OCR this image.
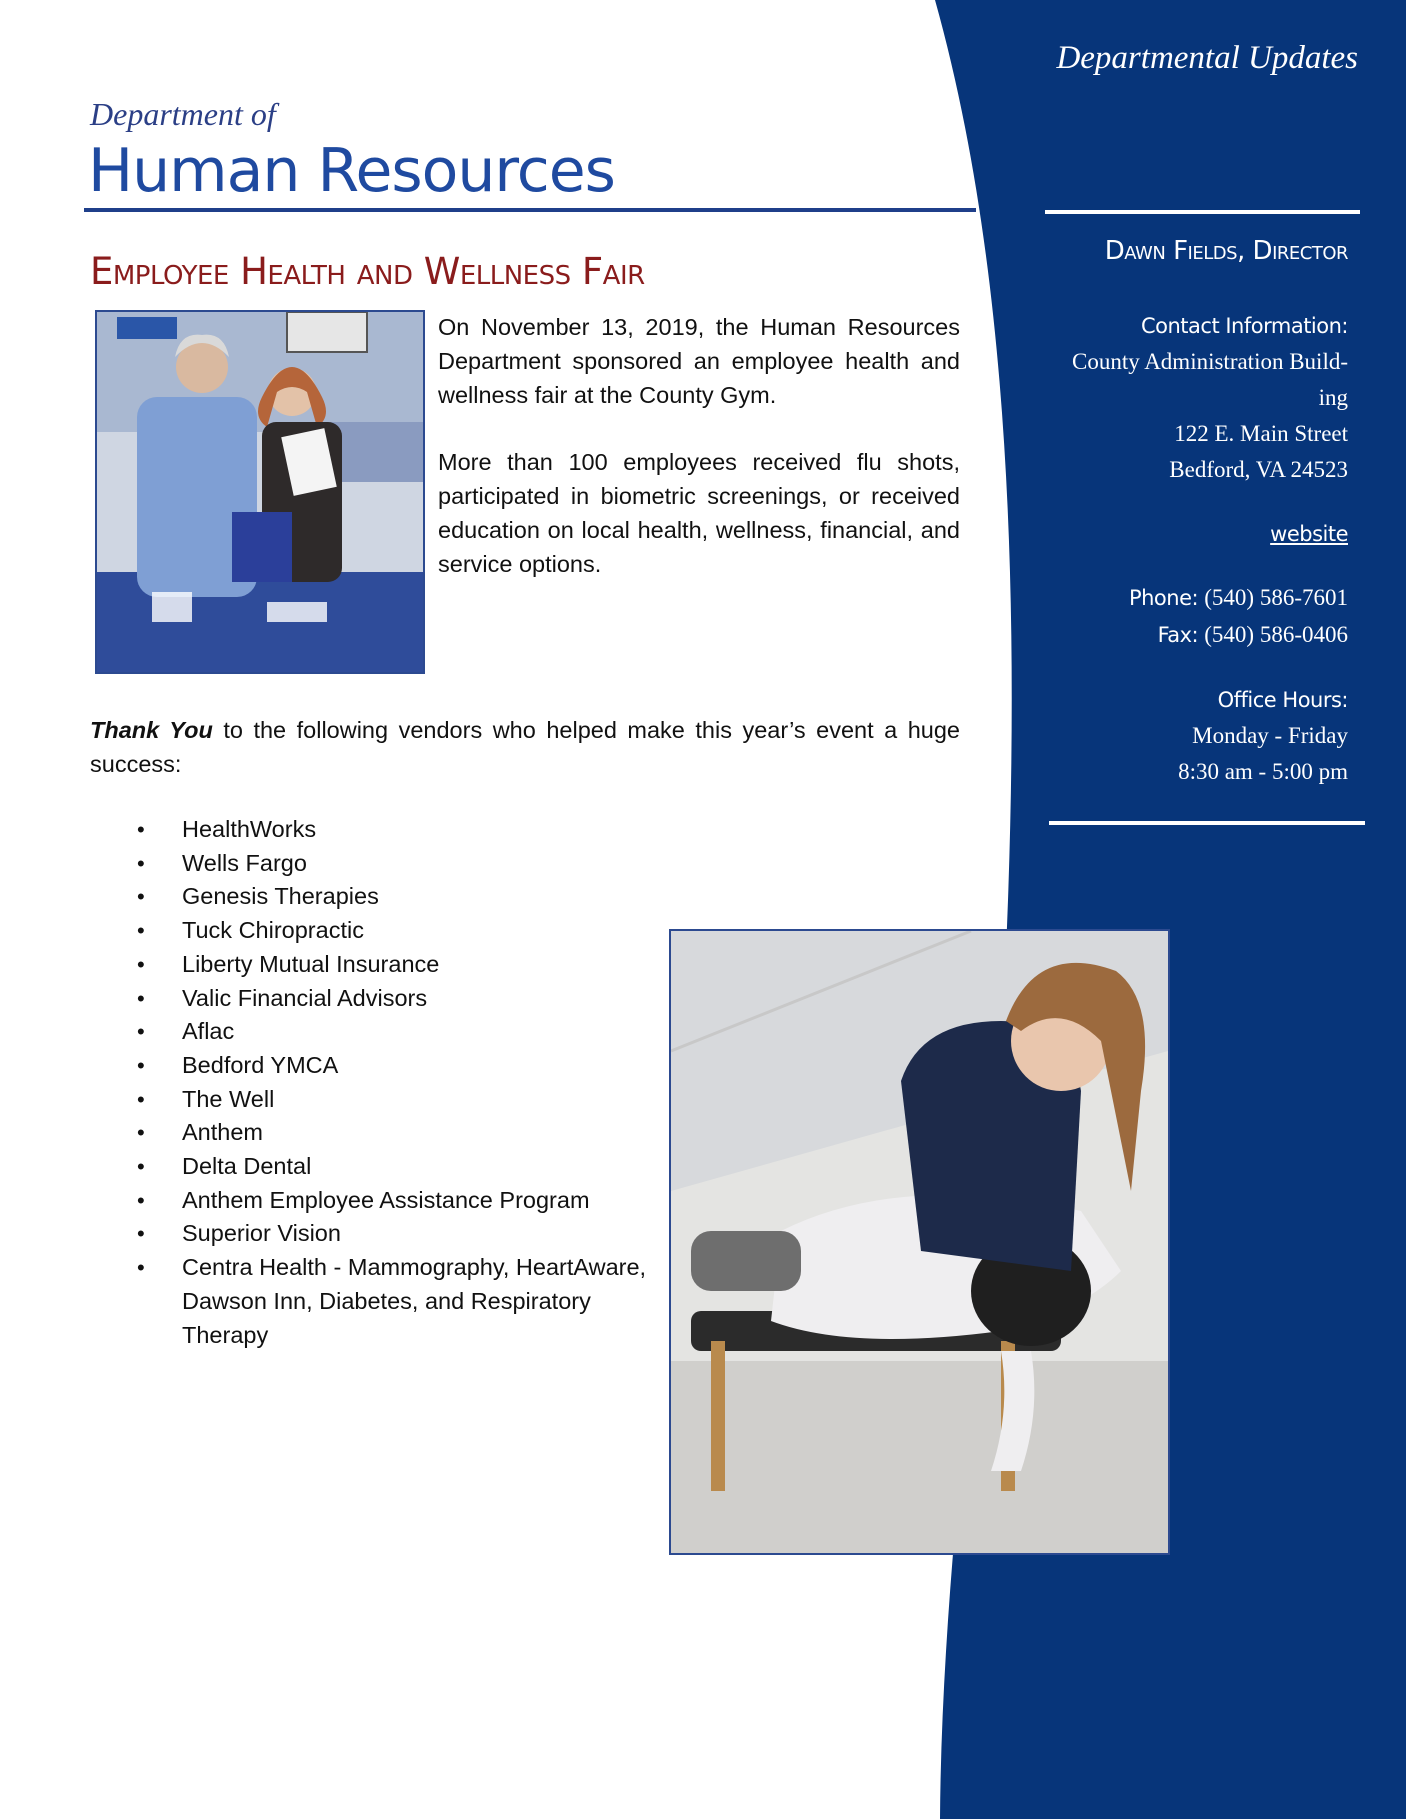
Department of
Human Resources
Employee Health and Wellness Fair

On November 13, 2019, the Human Resources Department sponsored an employee health and wellness fair at the County Gym.

More than 100 employees received flu shots, participated in biometric screenings, or received education on local health, wellness, financial, and service options.

Thank You to the following vendors who helped make this year’s event a huge success:
• HealthWorks
• Wells Fargo
• Genesis Therapies
• Tuck Chiropractic
• Liberty Mutual Insurance
• Valic Financial Advisors
• Aflac
• Bedford YMCA
• The Well
• Anthem
• Delta Dental
• Anthem Employee Assistance Program
• Superior Vision
• Centra Health - Mammography, HeartAware, Dawson Inn, Diabetes, and Respiratory Therapy
Departmental Updates
Dawn Fields, Director
Contact Information:
County Administration Build-
ing
122 E. Main Street
Bedford, VA 24523
website
Phone: (540) 586-7601
Fax: (540) 586-0406
Office Hours:
Monday - Friday
8:30 am - 5:00 pm
